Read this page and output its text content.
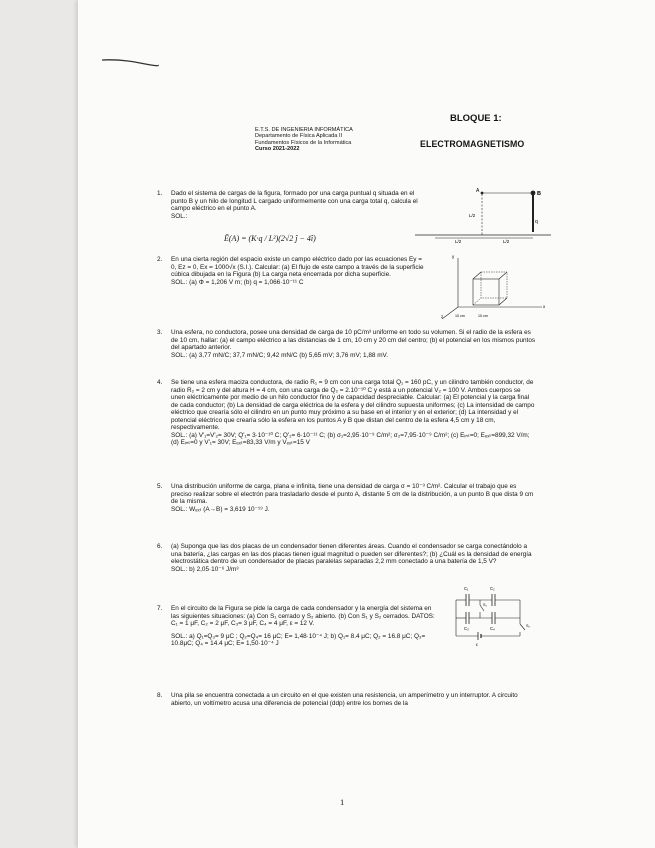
E.T.S. DE INGENIERIA INFORMÁTICA
Departamento de Física Aplicada II
Fundamentos Físicos de la Informática
Curso 2021-2022
BLOQUE 1:
ELECTROMAGNETISMO
1. Dado el sistema de cargas de la figura, formado por una carga puntual q situada en el punto B y un hilo de longitud L cargado uniformemente con una carga total q, calcula el campo eléctrico en el punto A.

SOL.:

Ē(A) = (K·q / L²)(2√2 ĵ − 4î)
A	B
q
L/2
L/2	L/2
2. En una cierta región del espacio existe un campo eléctrico dado por las ecuaciones Ey = 0, Ez = 0, Ex = 1000√x (S.I.). Calcular: (a) El flujo de este campo a través de la superficie cúbica dibujada en la Figura (b) La carga neta encerrada por dicha superficie.

SOL.: (a) Φ = 1,206 V m; (b) q = 1,066·10⁻¹¹ C

y
x
z	10 cm	10 cm
3. Una esfera, no conductora, posee una densidad de carga de 10 pC/m³ uniforme en todo su volumen. Si el radio de la esfera es de 10 cm, hallar: (a) el campo eléctrico a las distancias de 1 cm, 10 cm y 20 cm del centro; (b) el potencial en los mismos puntos del apartado anterior.

SOL.: (a) 3,77 mN/C; 37,7 mN/C; 9,42 mN/C (b) 5,65 mV; 3,76 mV; 1,88 mV.

4. Se tiene una esfera maciza conductora, de radio R₁ = 9 cm con una carga total Q₁ = 160 pC, y un cilindro también conductor, de radio R₂ = 2 cm y del altura H = 4 cm, con una carga de Q₂ = 2.10⁻¹⁰ C y está a un potencial V₂ = 100 V. Ambos cuerpos se unen eléctricamente por medio de un hilo conductor fino y de capacidad despreciable. Calcular: (a) El potencial y la carga final de cada conductor; (b) La densidad de carga eléctrica de la esfera y del cilindro supuesta uniformes; (c) La intensidad de campo eléctrico que crearía sólo el cilindro en un punto muy próximo a su base en el interior y en el exterior; (d) La intensidad y el potencial eléctrico que crearía sólo la esfera en los puntos A y B que distan del centro de la esfera 4,5 cm y 18 cm, respectivamente.

SOL.: (a) V'₁=V'₂= 30V; Q'₁= 3·10⁻¹⁰ C; Q'₂= 6·10⁻¹¹ C; (b) σ₁=2,95·10⁻⁹ C/m²; σ₂=7,95·10⁻⁹ C/m²; (c) Eᵢₙₜ=0; Eₑₓₜ=899,32 V/m; (d) Eᵢₙₜ=0 y V'₁= 30V; Eₑₓₜ=83,33 V/m y Vₑₓₜ=15 V

5. Una distribución uniforme de carga, plana e infinita, tiene una densidad de carga σ = 10⁻³ C/m². Calcular el trabajo que es preciso realizar sobre el electrón para trasladarlo desde el punto A, distante 5 cm de la distribución, a un punto B que dista 9 cm de la misma.

SOL.: Wₑₓₜ (A→B) = 3,619 10⁻¹⁹ J.

6. (a) Suponga que las dos placas de un condensador tienen diferentes áreas. Cuando el condensador se carga conectándolo a una batería, ¿las cargas en las dos placas tienen igual magnitud o pueden ser diferentes?; (b) ¿Cuál es la densidad de energía electrostática dentro de un condensador de placas paralelas separadas 2,2 mm conectado a una batería de 1,5 V?

SOL.: b) 2,05·10⁻⁶ J/m³

7. En el circuito de la Figura se pide la carga de cada condensador y la energía del sistema en las siguientes situaciones: (a) Con S₁ cerrado y S₂ abierto. (b) Con S₁ y S₂ cerrados. DATOS: C₁ = 1 μF, C₂ = 2 μF, C₃= 3 μF, C₄ = 4 μF, ε = 12 V.

SOL.: a) Q₁=Q₃= 9 μC ; Q₂=Q₄= 16 μC; E= 1,48·10⁻⁴ J; b) Q₁= 8.4 μC; Q₂ = 16.8 μC; Q₃= 10.8μC; Q₄ = 14.4 μC; E= 1,50·10⁻⁴ J

C₁	C₂
C₃	C₄
S₁
S₂
ε
8. Una pila se encuentra conectada a un circuito en el que existen una resistencia, un amperímetro y un interruptor. A circuito abierto, un voltímetro acusa una diferencia de potencial (ddp) entre los bornes de la

1
